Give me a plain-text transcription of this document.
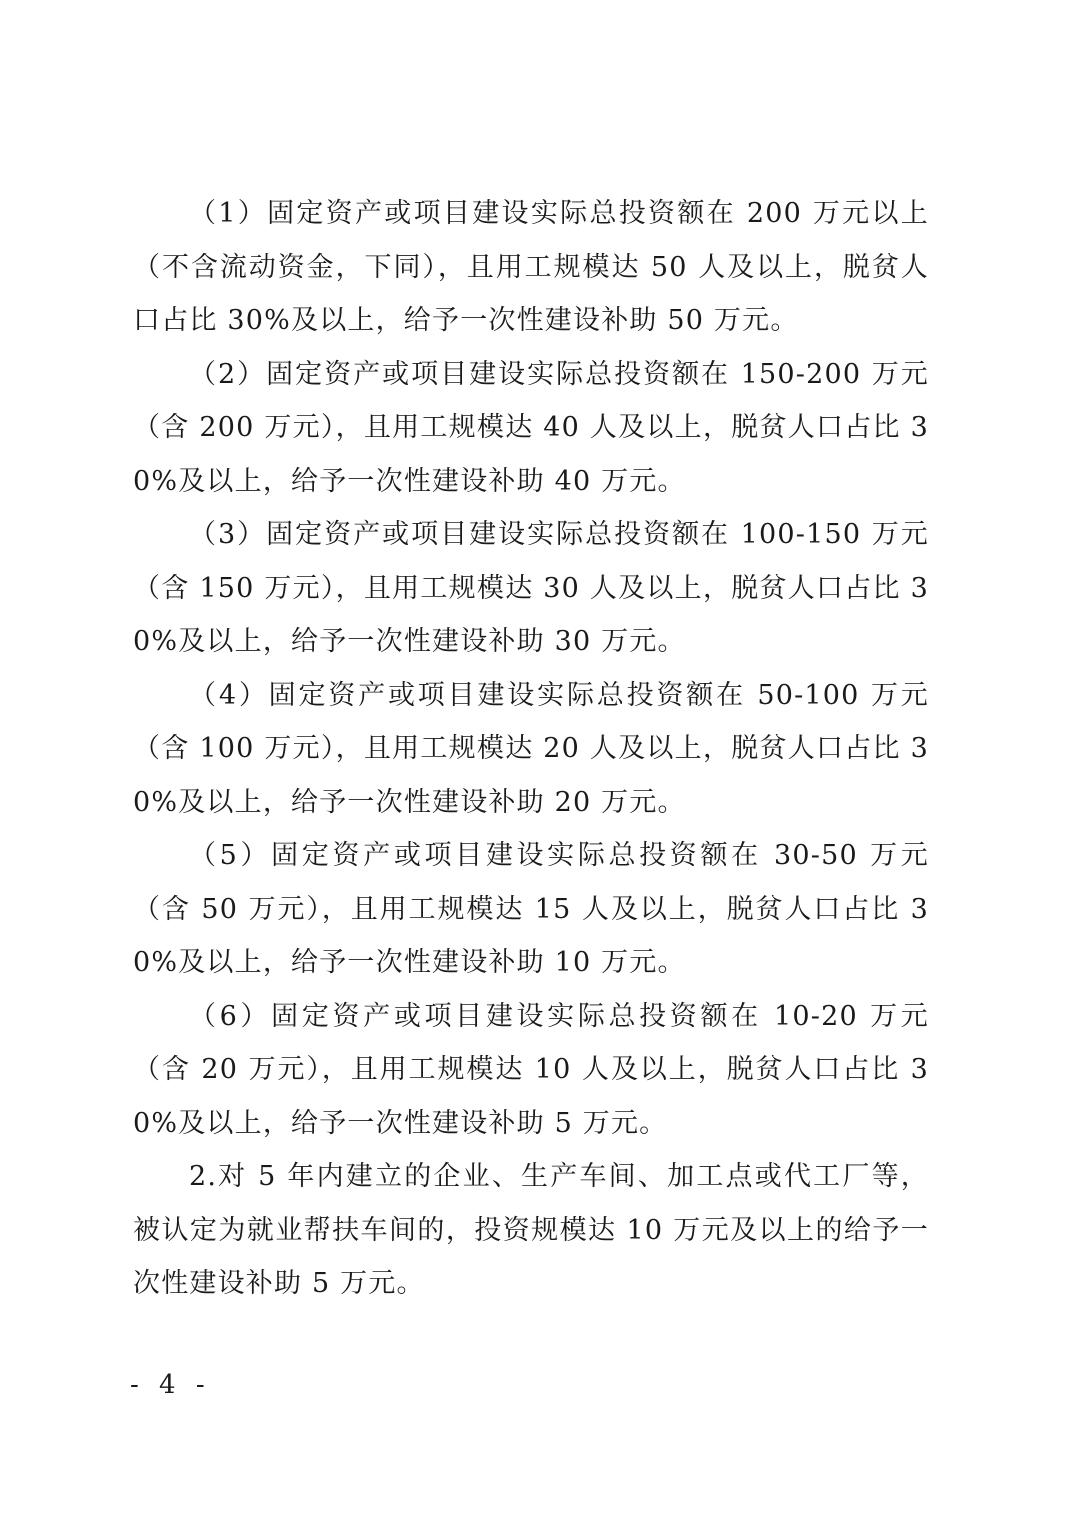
（1）固定资产或项目建设实际总投资额在 200 万元以上（不含流动资金，下同），且用工规模达 50 人及以上，脱贫人口占比 30%及以上，给予一次性建设补助 50 万元。

（2）固定资产或项目建设实际总投资额在 150-200 万元（含 200 万元），且用工规模达 40 人及以上，脱贫人口占比 30%及以上，给予一次性建设补助 40 万元。

（3）固定资产或项目建设实际总投资额在 100-150 万元（含 150 万元），且用工规模达 30 人及以上，脱贫人口占比 30%及以上，给予一次性建设补助 30 万元。

（4）固定资产或项目建设实际总投资额在 50-100 万元（含 100 万元），且用工规模达 20 人及以上，脱贫人口占比 30%及以上，给予一次性建设补助 20 万元。

（5）固定资产或项目建设实际总投资额在 30-50 万元（含 50 万元），且用工规模达 15 人及以上，脱贫人口占比 30%及以上，给予一次性建设补助 10 万元。

（6）固定资产或项目建设实际总投资额在 10-20 万元（含 20 万元），且用工规模达 10 人及以上，脱贫人口占比 30%及以上，给予一次性建设补助 5 万元。

2.对 5 年内建立的企业、生产车间、加工点或代工厂等，被认定为就业帮扶车间的，投资规模达 10 万元及以上的给予一次性建设补助 5 万元。

- 4 -
